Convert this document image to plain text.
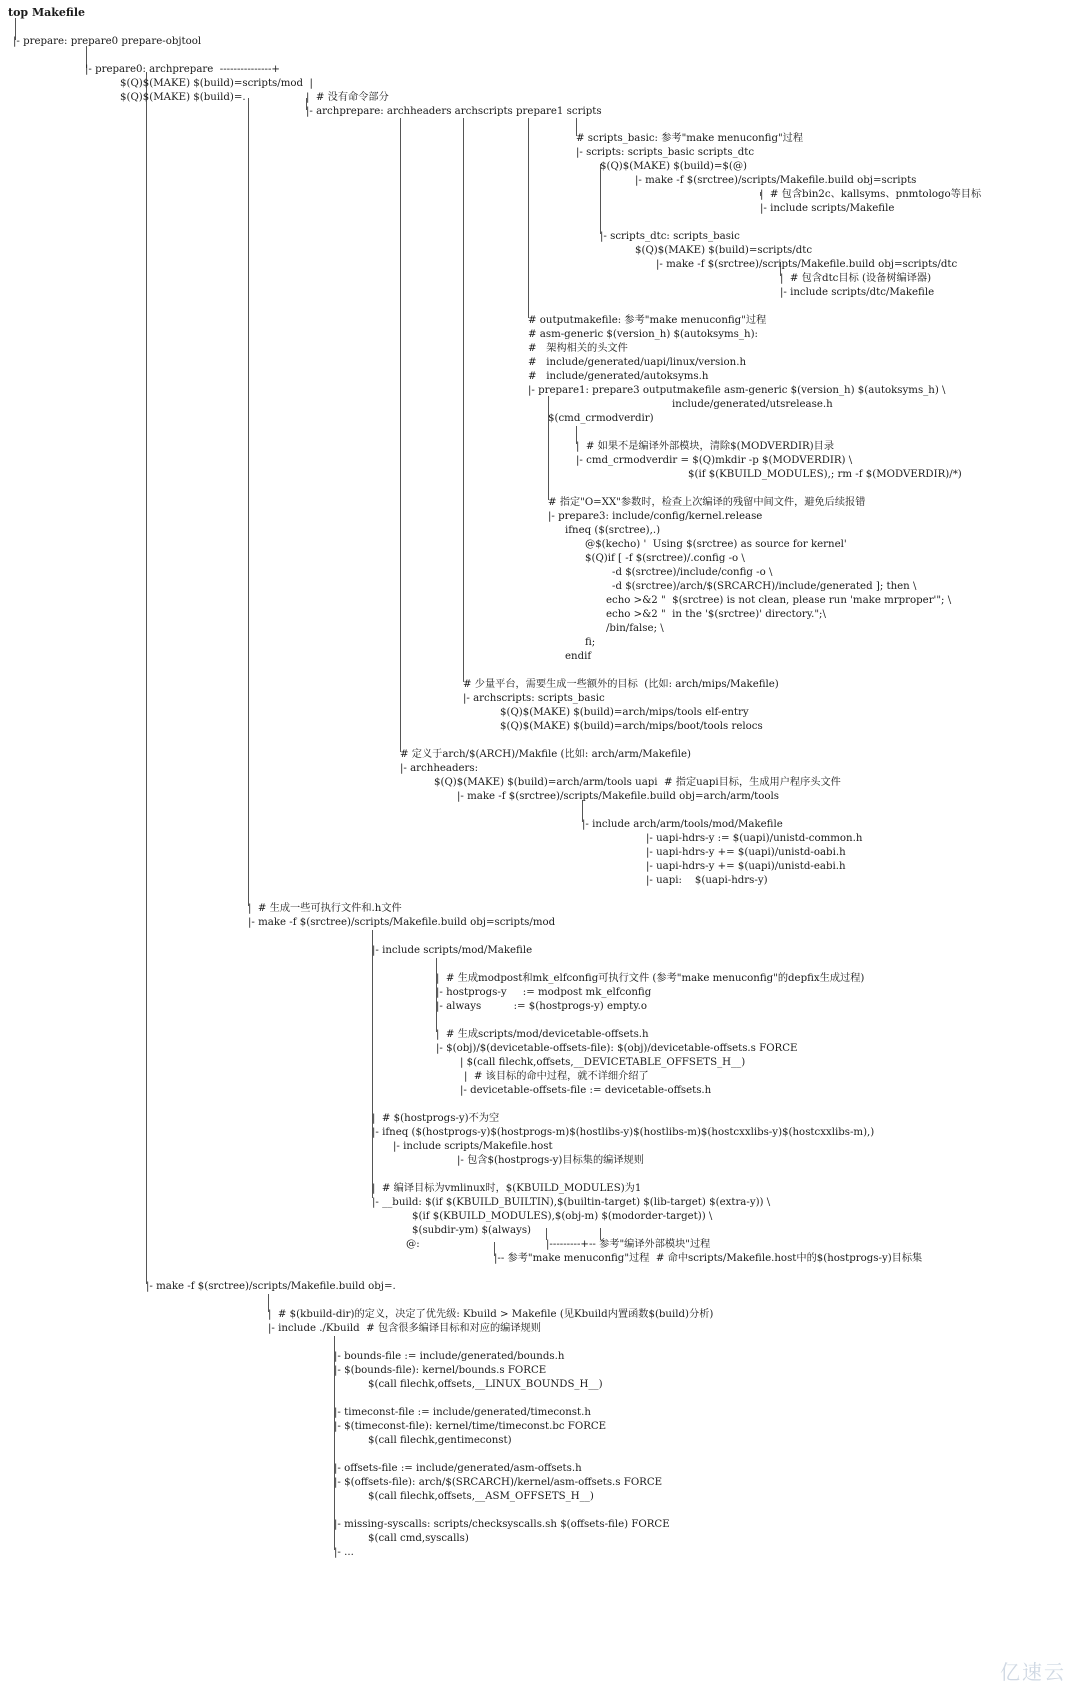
top Makefile
|- prepare: prepare0 prepare-objtool
|- prepare0: archprepare  ---------------+
$(Q)$(MAKE) $(build)=scripts/mod  |
$(Q)$(MAKE) $(build)=.	|  # 没有命令部分
|- archprepare: archheaders archscripts prepare1 scripts
# scripts_basic: 参考"make menuconfig"过程
|- scripts: scripts_basic scripts_dtc
$(Q)$(MAKE) $(build)=$(@)
|- make -f $(srctree)/scripts/Makefile.build obj=scripts
|  # 包含bin2c、kallsyms、pnmtologo等目标
|- include scripts/Makefile
|- scripts_dtc: scripts_basic
$(Q)$(MAKE) $(build)=scripts/dtc
|- make -f $(srctree)/scripts/Makefile.build obj=scripts/dtc
|  # 包含dtc目标 (设备树编译器)
|- include scripts/dtc/Makefile
# outputmakefile: 参考"make menuconfig"过程
# asm-generic $(version_h) $(autoksyms_h):
#   架构相关的头文件
#   include/generated/uapi/linux/version.h
#   include/generated/autoksyms.h
|- prepare1: prepare3 outputmakefile asm-generic $(version_h) $(autoksyms_h) \
include/generated/utsrelease.h
$(cmd_crmodverdir)
|  # 如果不是编译外部模块，清除$(MODVERDIR)目录
|- cmd_crmodverdir = $(Q)mkdir -p $(MODVERDIR) \
$(if $(KBUILD_MODULES),; rm -f $(MODVERDIR)/*)
# 指定"O=XX"参数时，检查上次编译的残留中间文件，避免后续报错
|- prepare3: include/config/kernel.release
ifneq ($(srctree),.)
@$(kecho) '  Using $(srctree) as source for kernel'
$(Q)if [ -f $(srctree)/.config -o \
-d $(srctree)/include/config -o \
-d $(srctree)/arch/$(SRCARCH)/include/generated ]; then \
echo >&2 "  $(srctree) is not clean, please run 'make mrproper'"; \
echo >&2 "  in the '$(srctree)' directory.";\
/bin/false; \
fi;
endif
# 少量平台，需要生成一些额外的目标  (比如: arch/mips/Makefile)
|- archscripts: scripts_basic
$(Q)$(MAKE) $(build)=arch/mips/tools elf-entry
$(Q)$(MAKE) $(build)=arch/mips/boot/tools relocs
# 定义于arch/$(ARCH)/Makfile (比如: arch/arm/Makefile)
|- archheaders:
$(Q)$(MAKE) $(build)=arch/arm/tools uapi  # 指定uapi目标，生成用户程序头文件
|- make -f $(srctree)/scripts/Makefile.build obj=arch/arm/tools
|- include arch/arm/tools/mod/Makefile
|- uapi-hdrs-y := $(uapi)/unistd-common.h
|- uapi-hdrs-y += $(uapi)/unistd-oabi.h
|- uapi-hdrs-y += $(uapi)/unistd-eabi.h
|- uapi:    $(uapi-hdrs-y)
|  # 生成一些可执行文件和.h文件
|- make -f $(srctree)/scripts/Makefile.build obj=scripts/mod
|- include scripts/mod/Makefile
|  # 生成modpost和mk_elfconfig可执行文件 (参考"make menuconfig"的depfix生成过程)
|- hostprogs-y     := modpost mk_elfconfig
|- always          := $(hostprogs-y) empty.o
|  # 生成scripts/mod/devicetable-offsets.h
|- $(obj)/$(devicetable-offsets-file): $(obj)/devicetable-offsets.s FORCE
| $(call filechk,offsets,__DEVICETABLE_OFFSETS_H__)
|  # 该目标的命中过程，就不详细介绍了
|- devicetable-offsets-file := devicetable-offsets.h
|  # $(hostprogs-y)不为空
|- ifneq ($(hostprogs-y)$(hostprogs-m)$(hostlibs-y)$(hostlibs-m)$(hostcxxlibs-y)$(hostcxxlibs-m),)
|- include scripts/Makefile.host
|- 包含$(hostprogs-y)目标集的编译规则
|  # 编译目标为vmlinux时，$(KBUILD_MODULES)为1
|- __build: $(if $(KBUILD_BUILTIN),$(builtin-target) $(lib-target) $(extra-y)) \
$(if $(KBUILD_MODULES),$(obj-m) $(modorder-target)) \
$(subdir-ym) $(always)
@:	|---------+-- 参考"编译外部模块"过程
|-- 参考"make menuconfig"过程  # 命中scripts/Makefile.host中的$(hostprogs-y)目标集
|- make -f $(srctree)/scripts/Makefile.build obj=.
|  # $(kbuild-dir)的定义，决定了优先级: Kbuild > Makefile (见Kbuild内置函数$(build)分析)
|- include ./Kbuild  # 包含很多编译目标和对应的编译规则
|- bounds-file := include/generated/bounds.h
|- $(bounds-file): kernel/bounds.s FORCE
$(call filechk,offsets,__LINUX_BOUNDS_H__)
|- timeconst-file := include/generated/timeconst.h
|- $(timeconst-file): kernel/time/timeconst.bc FORCE
$(call filechk,gentimeconst)
|- offsets-file := include/generated/asm-offsets.h
|- $(offsets-file): arch/$(SRCARCH)/kernel/asm-offsets.s FORCE
$(call filechk,offsets,__ASM_OFFSETS_H__)
|- missing-syscalls: scripts/checksyscalls.sh $(offsets-file) FORCE
$(call cmd,syscalls)
|- ...
亿速云
